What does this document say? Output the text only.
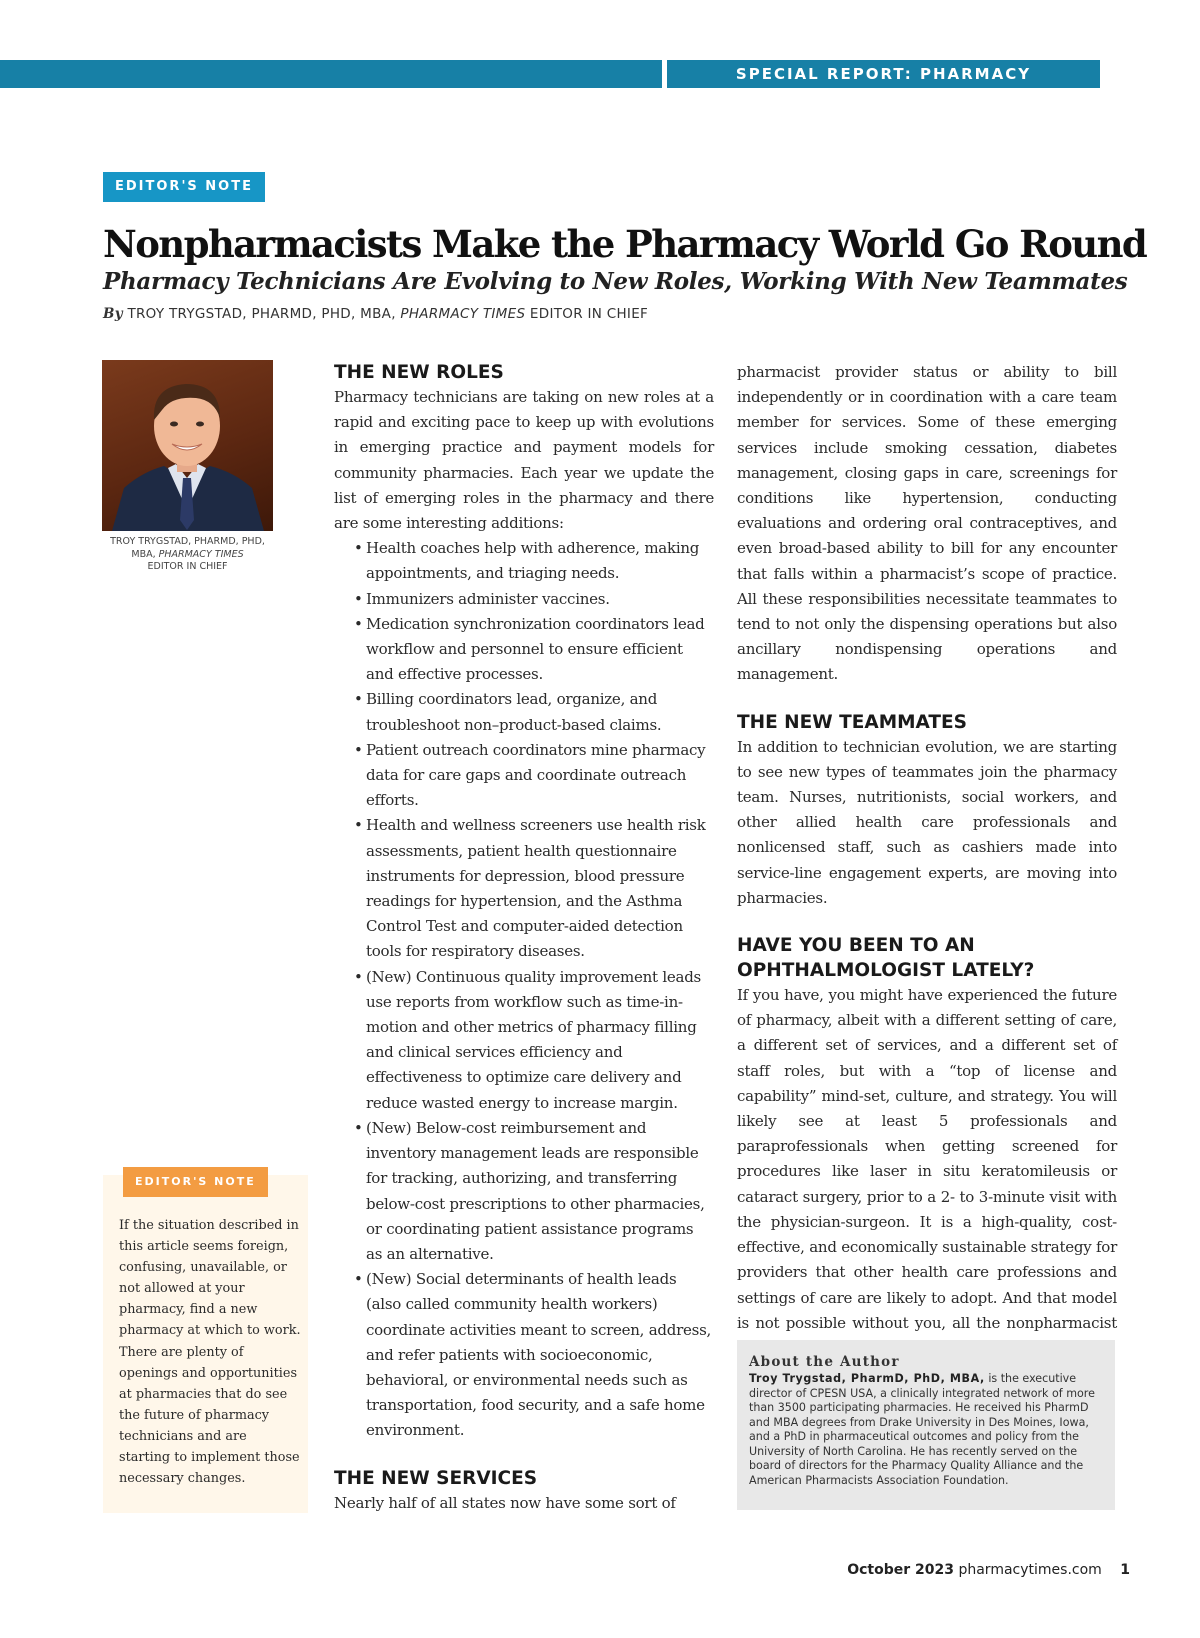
SPECIAL REPORT: PHARMACY TECHNICIANS
EDITOR'S NOTE
Nonpharmacists Make the Pharmacy World Go Round
Pharmacy Technicians Are Evolving to New Roles, Working With New Teammates
By TROY TRYGSTAD, PHARMD, PHD, MBA, PHARMACY TIMES EDITOR IN CHIEF
TROY TRYGSTAD, PHARMD, PHD, MBA, PHARMACY TIMES
EDITOR IN CHIEF
EDITOR'S NOTE

If the situation described in this article seems foreign, confusing, unavailable, or not allowed at your pharmacy, find a new pharmacy at which to work. There are plenty of openings and opportunities at pharmacies that do see the future of pharmacy technicians and are starting to implement those necessary changes.

THE NEW ROLES

Pharmacy technicians are taking on new roles at a rapid and exciting pace to keep up with evolutions in emerging practice and payment models for community pharmacies. Each year we update the list of emerging roles in the pharmacy and there are some interesting additions:

• Health coaches help with adherence, making appointments, and triaging needs.
• Immunizers administer vaccines.
• Medication synchronization coordinators lead workflow and personnel to ensure efficient and effective processes.
• Billing coordinators lead, organize, and troubleshoot non–product-based claims.
• Patient outreach coordinators mine pharmacy data for care gaps and coordinate outreach efforts.
• Health and wellness screeners use health risk assessments, patient health questionnaire instruments for depression, blood pressure readings for hypertension, and the Asthma Control Test and computer-aided detection tools for respiratory diseases.
• (New) Continuous quality improvement leads use reports from workflow such as time-in-motion and other metrics of pharmacy filling and clinical services efficiency and effectiveness to optimize care delivery and reduce wasted energy to increase margin.
• (New) Below-cost reimbursement and inventory management leads are responsible for tracking, authorizing, and transferring below-cost prescriptions to other pharmacies, or coordinating patient assistance programs as an alternative.
• (New) Social determinants of health leads (also called community health workers) coordinate activities meant to screen, address, and refer patients with socioeconomic, behavioral, or environmental needs such as transportation, food security, and a safe home environment.
THE NEW SERVICES

Nearly half of all states now have some sort of

pharmacist provider status or ability to bill independently or in coordination with a care team member for services. Some of these emerging services include smoking cessation, diabetes management, closing gaps in care, screenings for conditions like hypertension, conducting evaluations and ordering oral contraceptives, and even broad-based ability to bill for any encounter that falls within a pharmacist’s scope of practice. All these responsibilities necessitate teammates to tend to not only the dispensing operations but also ancillary nondispensing operations and management.

THE NEW TEAMMATES

In addition to technician evolution, we are starting to see new types of teammates join the pharmacy team. Nurses, nutritionists, social workers, and other allied health care professionals and nonlicensed staff, such as cashiers made into service-line engagement experts, are moving into pharmacies.

HAVE YOU BEEN TO AN
OPHTHALMOLOGIST LATELY?

If you have, you might have experienced the future of pharmacy, albeit with a different setting of care, a different set of services, and a different set of staff roles, but with a “top of license and capability” mind-set, culture, and strategy. You will likely see at least 5 professionals and paraprofessionals when getting screened for procedures like laser in situ keratomileusis or cataract surgery, prior to a 2- to 3-minute visit with the physician-surgeon. It is a high-quality, cost-effective, and economically sustainable strategy for providers that other health care professions and settings of care are likely to adopt. And that model is not possible without you, all the nonpharmacist

About the Author

Troy Trygstad, PharmD, PhD, MBA, is the executive director of CPESN USA, a clinically integrated network of more than 3500 participating pharmacies. He received his PharmD and MBA degrees from Drake University in Des Moines, Iowa, and a PhD in pharmaceutical outcomes and policy from the University of North Carolina. He has recently served on the board of directors for the Pharmacy Quality Alliance and the American Pharmacists Association Foundation.

October 2023 pharmacytimes.com 1
